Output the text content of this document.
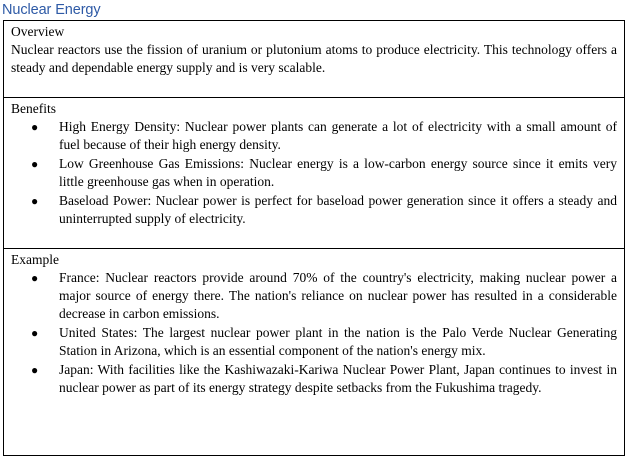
Nuclear Energy
Overview
Nuclear reactors use the fission of uranium or plutonium atoms to produce electricity. This technology offers a steady and dependable energy supply and is very scalable.
Benefits
● High Energy Density: Nuclear power plants can generate a lot of electricity with a small amount of fuel because of their high energy density.
● Low Greenhouse Gas Emissions: Nuclear energy is a low-carbon energy source since it emits very little greenhouse gas when in operation.
● Baseload Power: Nuclear power is perfect for baseload power generation since it offers a steady and uninterrupted supply of electricity.
Example
● France: Nuclear reactors provide around 70% of the country's electricity, making nuclear power a major source of energy there. The nation's reliance on nuclear power has resulted in a considerable decrease in carbon emissions.
● United States: The largest nuclear power plant in the nation is the Palo Verde Nuclear Generating Station in Arizona, which is an essential component of the nation's energy mix.
● Japan: With facilities like the Kashiwazaki-Kariwa Nuclear Power Plant, Japan continues to invest in nuclear power as part of its energy strategy despite setbacks from the Fukushima tragedy.
